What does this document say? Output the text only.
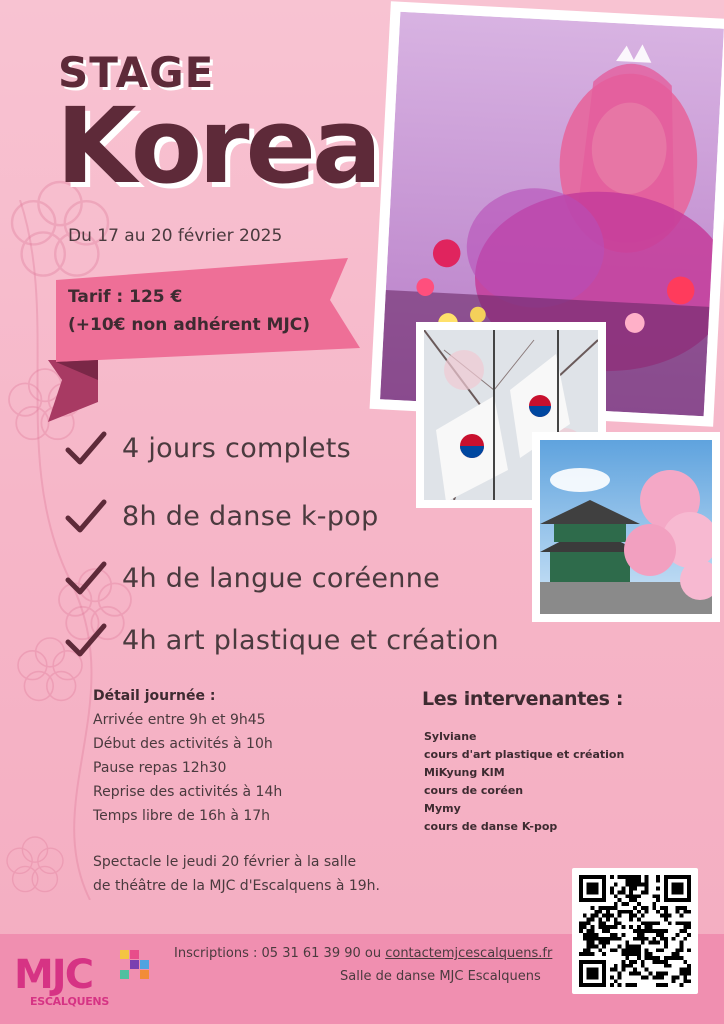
STAGE
Korea
Du 17 au 20 février 2025
Tarif : 125 €
(+10€ non adhérent MJC)
4 jours complets
8h de danse k-pop
4h de langue coréenne
4h art plastique et création
Détail journée :
Arrivée entre 9h et 9h45
Début des activités à 10h
Pause repas 12h30
Reprise des activités à 14h
Temps libre de 16h à 17h
Spectacle le jeudi 20 février à la salle
de théâtre de la MJC d'Escalquens à 19h.
Les intervenantes :
Sylviane
cours d'art plastique et création
MiKyung KIM
cours de coréen
Mymy
cours de danse K-pop
MJC
ESCALQUENS
Inscriptions : 05 31 61 39 90 ou contactemjcescalquens.fr
Salle de danse MJC Escalquens
